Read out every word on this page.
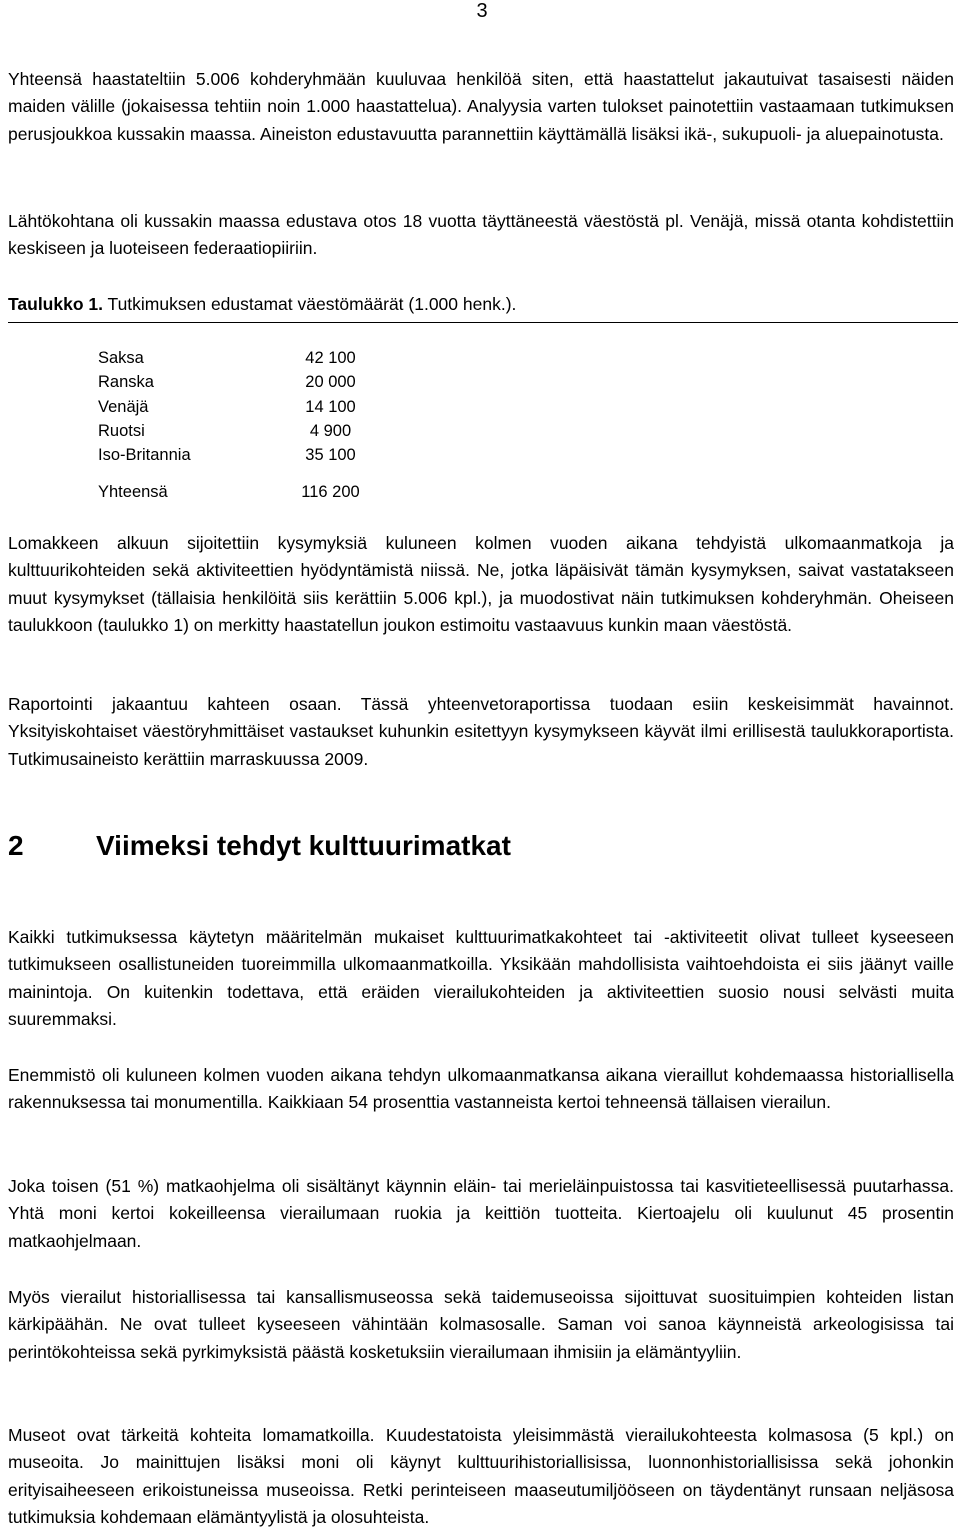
3

Yhteensä haastateltiin 5.006 kohderyhmään kuuluvaa henkilöä siten, että haastattelut jakautuivat tasaisesti näiden maiden välille (jokaisessa tehtiin noin 1.000 haastattelua). Analyysia varten tulokset painotettiin vastaamaan tutkimuksen perusjoukkoa kussakin maassa. Aineiston edustavuutta parannettiin käyttämällä lisäksi ikä-, sukupuoli- ja aluepainotusta.

Lähtökohtana oli kussakin maassa edustava otos 18 vuotta täyttäneestä väestöstä pl. Venäjä, missä otanta kohdistettiin keskiseen ja luoteiseen federaatiopiiriin.

Taulukko 1. Tutkimuksen edustamat väestömäärät (1.000 henk.).

Saksa	42 100
Ranska	20 000
Venäjä	14 100
Ruotsi	4 900
Iso-Britannia	35 100

Yhteensä	116 200

Lomakkeen alkuun sijoitettiin kysymyksiä kuluneen kolmen vuoden aikana tehdyistä ulkomaanmatkoja ja kulttuurikohteiden sekä aktiviteettien hyödyntämistä niissä. Ne, jotka läpäisivät tämän kysymyksen, saivat vastatakseen muut kysymykset (tällaisia henkilöitä siis kerättiin 5.006 kpl.), ja muodostivat näin tutkimuksen kohderyhmän. Oheiseen taulukkoon (taulukko 1) on merkitty haastatellun joukon estimoitu vastaavuus kunkin maan väestöstä.

Raportointi jakaantuu kahteen osaan. Tässä yhteenvetoraportissa tuodaan esiin keskeisimmät havainnot. Yksityiskohtaiset väestöryhmittäiset vastaukset kuhunkin esitettyyn kysymykseen käyvät ilmi erillisestä taulukkoraportista. Tutkimusaineisto kerättiin marraskuussa 2009.

2	Viimeksi tehdyt kulttuurimatkat

Kaikki tutkimuksessa käytetyn määritelmän mukaiset kulttuurimatkakohteet tai -aktiviteetit olivat tulleet kyseeseen tutkimukseen osallistuneiden tuoreimmilla ulkomaanmatkoilla. Yksikään mahdollisista vaihtoehdoista ei siis jäänyt vaille mainintoja. On kuitenkin todettava, että eräiden vierailukohteiden ja aktiviteettien suosio nousi selvästi muita suuremmaksi.

Enemmistö oli kuluneen kolmen vuoden aikana tehdyn ulkomaanmatkansa aikana vieraillut kohdemaassa historiallisella rakennuksessa tai monumentilla. Kaikkiaan 54 prosenttia vastanneista kertoi tehneensä tällaisen vierailun.

Joka toisen (51 %) matkaohjelma oli sisältänyt käynnin eläin- tai merieläinpuistossa tai kasvitieteellisessä puutarhassa. Yhtä moni kertoi kokeilleensa vierailumaan ruokia ja keittiön tuotteita. Kiertoajelu oli kuulunut 45 prosentin matkaohjelmaan.

Myös vierailut historiallisessa tai kansallismuseossa sekä taidemuseoissa sijoittuvat suosituimpien kohteiden listan kärkipäähän. Ne ovat tulleet kyseeseen vähintään kolmasosalle. Saman voi sanoa käynneistä arkeologisissa tai perintökohteissa sekä pyrkimyksistä päästä kosketuksiin vierailumaan ihmisiin ja elämäntyyliin.

Museot ovat tärkeitä kohteita lomamatkoilla. Kuudestatoista yleisimmästä vierailukohteesta kolmasosa (5 kpl.) on museoita. Jo mainittujen lisäksi moni oli käynyt kulttuurihistoriallisissa, luonnonhistoriallisissa sekä johonkin erityisaiheeseen erikoistuneissa museoissa. Retki perinteiseen maaseutumiljööseen on täydentänyt runsaan neljäsosa tutkimuksia kohdemaan elämäntyylistä ja olosuhteista.
